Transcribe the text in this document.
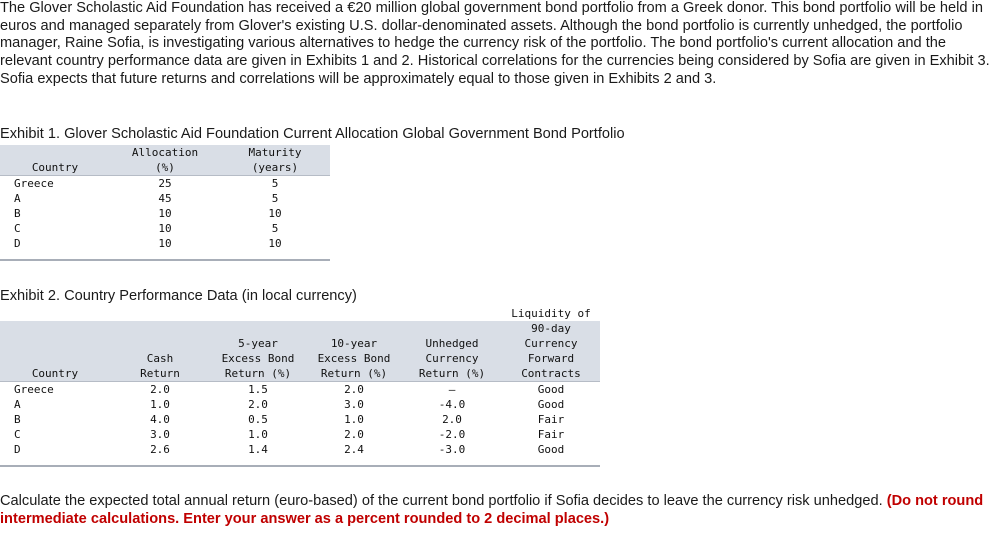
The Glover Scholastic Aid Foundation has received a €20 million global government bond portfolio from a Greek donor. This bond portfolio will be held in euros and managed separately from Glover's existing U.S. dollar-denominated assets. Although the bond portfolio is currently unhedged, the portfolio manager, Raine Sofia, is investigating various alternatives to hedge the currency risk of the portfolio. The bond portfolio's current allocation and the relevant country performance data are given in Exhibits 1 and 2. Historical correlations for the currencies being considered by Sofia are given in Exhibit 3. Sofia expects that future returns and correlations will be approximately equal to those given in Exhibits 2 and 3.

Exhibit 1. Glover Scholastic Aid Foundation Current Allocation Global Government Bond Portfolio

	Allocation	Maturity
Country	(%)	(years)
Greece	25	5
A	45	5
B	10	10
C	10	5
D	10	10

Exhibit 2. Country Performance Data (in local currency)

					Liquidity of
					90-day
		5-year	10-year	Unhedged	Currency
	Cash	Excess Bond	Excess Bond	Currency	Forward
Country	Return	Return (%)	Return (%)	Return (%)	Contracts
Greece	2.0	1.5	2.0	—	Good
A	1.0	2.0	3.0	-4.0	Good
B	4.0	0.5	1.0	2.0	Fair
C	3.0	1.0	2.0	-2.0	Fair
D	2.6	1.4	2.4	-3.0	Good

Calculate the expected total annual return (euro-based) of the current bond portfolio if Sofia decides to leave the currency risk unhedged. (Do not round intermediate calculations. Enter your answer as a percent rounded to 2 decimal places.)
